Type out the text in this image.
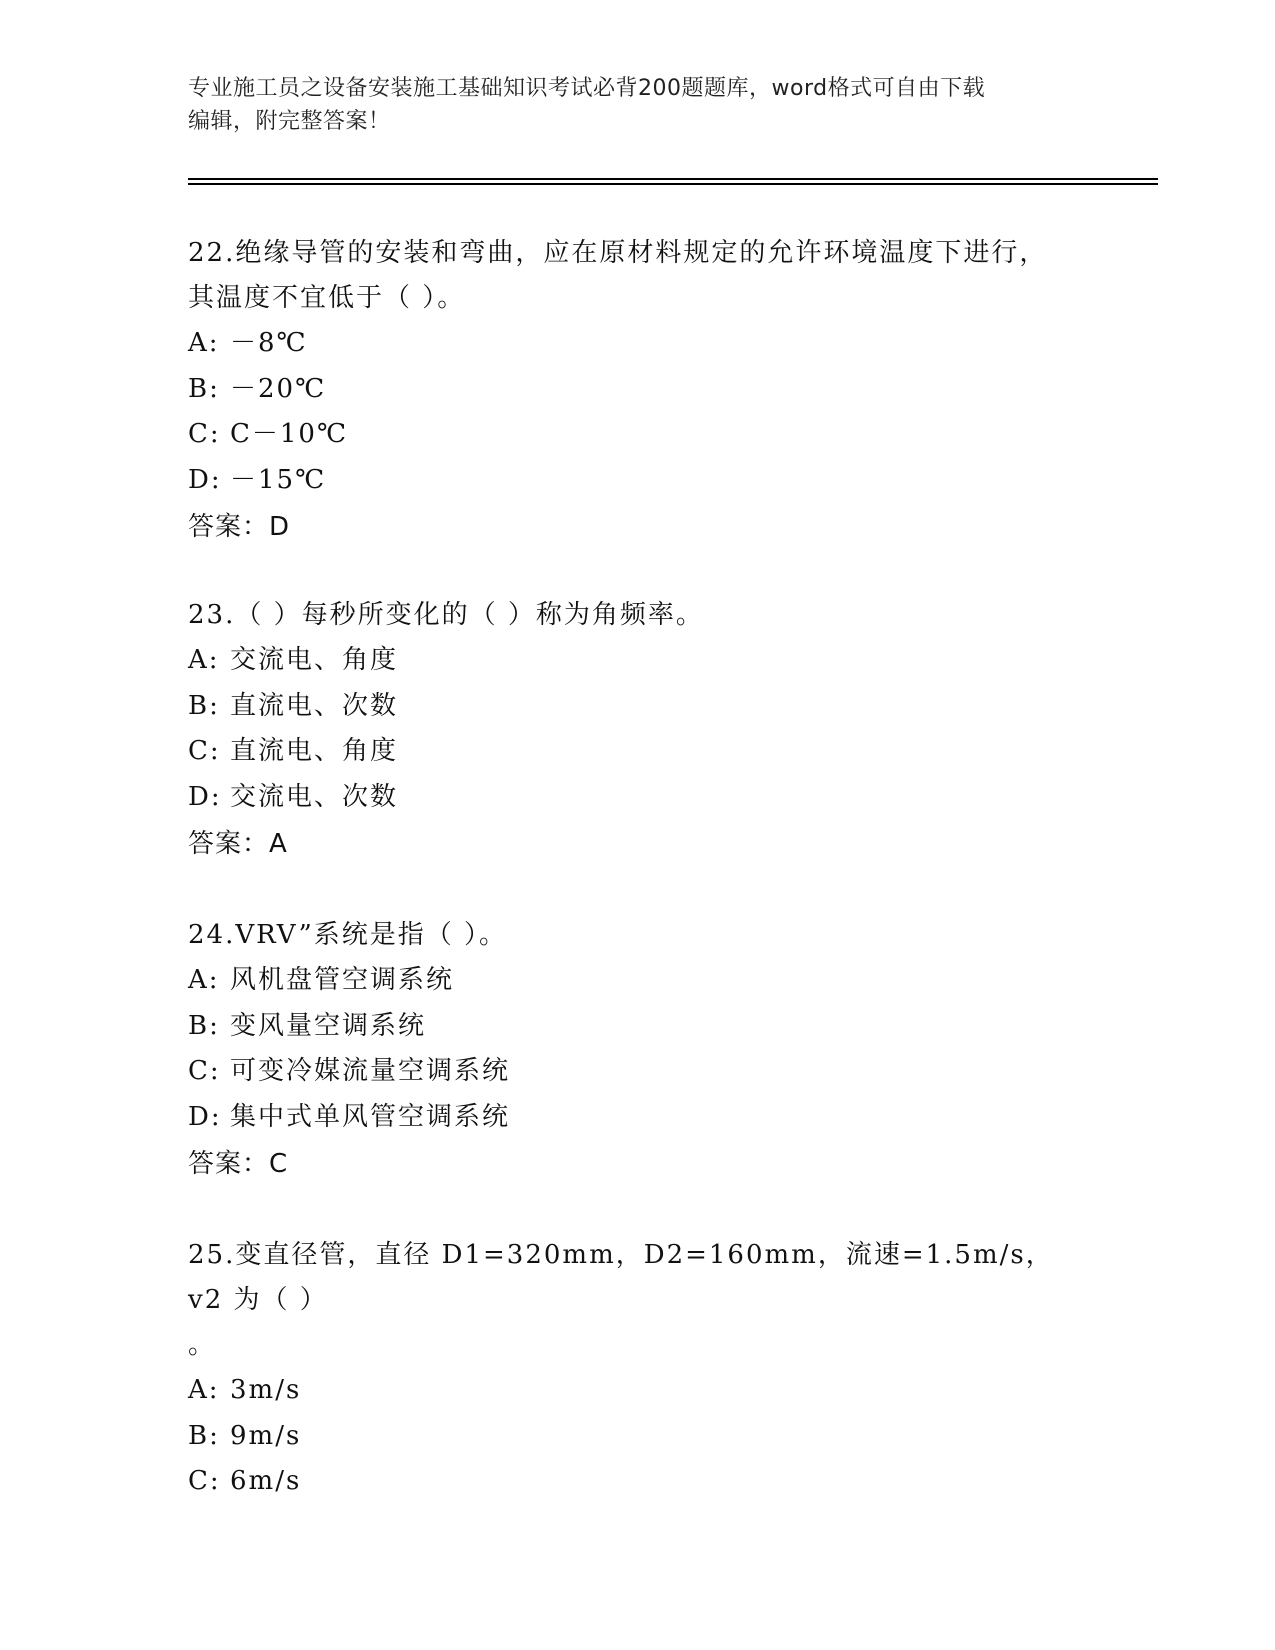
专业施工员之设备安装施工基础知识考试必背200题题库，word格式可自由下载
编辑，附完整答案！

22.绝缘导管的安装和弯曲，应在原材料规定的允许环境温度下进行，

其温度不宜低于（ ）。

A: －8℃

B: －20℃

C: C－10℃

D: －15℃

答案：D

23.（ ）每秒所变化的（ ）称为角频率。

A: 交流电、角度

B: 直流电、次数

C: 直流电、角度

D: 交流电、次数

答案：A

24.VRV”系统是指（ ）。

A: 风机盘管空调系统

B: 变风量空调系统

C: 可变冷媒流量空调系统

D: 集中式单风管空调系统

答案：C

25.变直径管，直径 D1=320mm，D2=160mm，流速=1.5m/s，v2 为（ ）

。

A: 3m/s

B: 9m/s

C: 6m/s
